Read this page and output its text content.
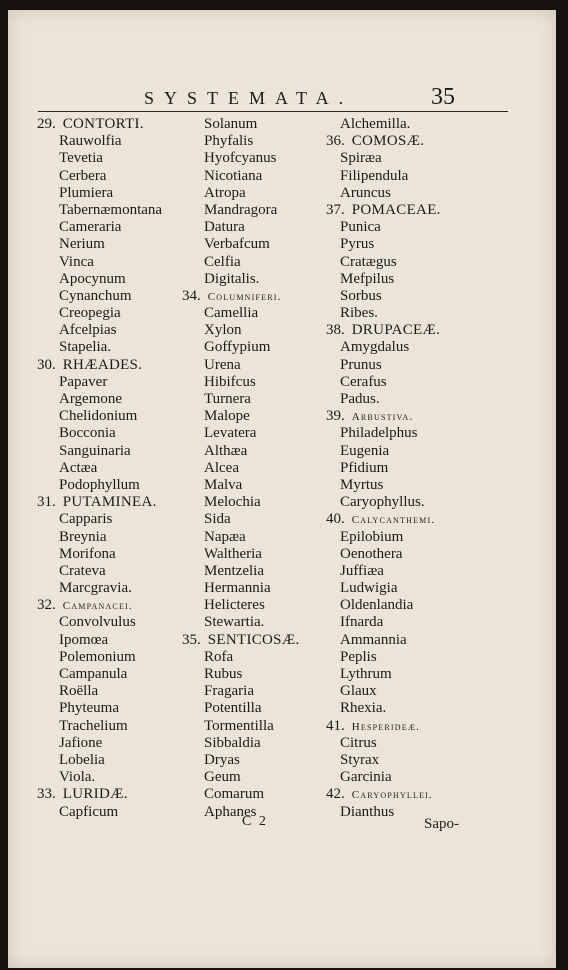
SYSTEMATA.	35
29. CONTORTI.
Rauwolfia
Tevetia
Cerbera
Plumiera
Tabernæmontana
Cameraria
Nerium
Vinca
Apocynum
Cynanchum
Creopegia
Afcelpias
Stapelia.
30. RHÆADES.
Papaver
Argemone
Chelidonium
Bocconia
Sanguinaria
Actæa
Podophyllum
31. PUTAMINEA.
Capparis
Breynia
Morifona
Crateva
Marcgravia.
32. Campanacei.
Convolvulus
Ipomœa
Polemonium
Campanula
Roëlla
Phyteuma
Trachelium
Jafione
Lobelia
Viola.
33. LURIDÆ.
Capficum
Solanum
Phyfalis
Hyofcyanus
Nicotiana
Atropa
Mandragora
Datura
Verbafcum
Celfia
Digitalis.
34. Columniferi.
Camellia
Xylon
Goffypium
Urena
Hibifcus
Turnera
Malope
Levatera
Althæa
Alcea
Malva
Melochia
Sida
Napæa
Waltheria
Mentzelia
Hermannia
Helicteres
Stewartia.
35. SENTICOSÆ.
Rofa
Rubus
Fragaria
Potentilla
Tormentilla
Sibbaldia
Dryas
Geum
Comarum
Aphanes
Alchemilla.
36. COMOSÆ.
Spiræa
Filipendula
Aruncus
37. POMACEAE.
Punica
Pyrus
Cratægus
Mefpilus
Sorbus
Ribes.
38. DRUPACEÆ.
Amygdalus
Prunus
Cerafus
Padus.
39. Arbustiva.
Philadelphus
Eugenia
Pfidium
Myrtus
Caryophyllus.
40. Calycanthemi.
Epilobium
Oenothera
Juffiæa
Ludwigia
Oldenlandia
Ifnarda
Ammannia
Peplis
Lythrum
Glaux
Rhexia.
41. Hesperideæ.
Citrus
Styrax
Garcinia
42. Caryophyllei.
Dianthus
C 2	Sapo-
